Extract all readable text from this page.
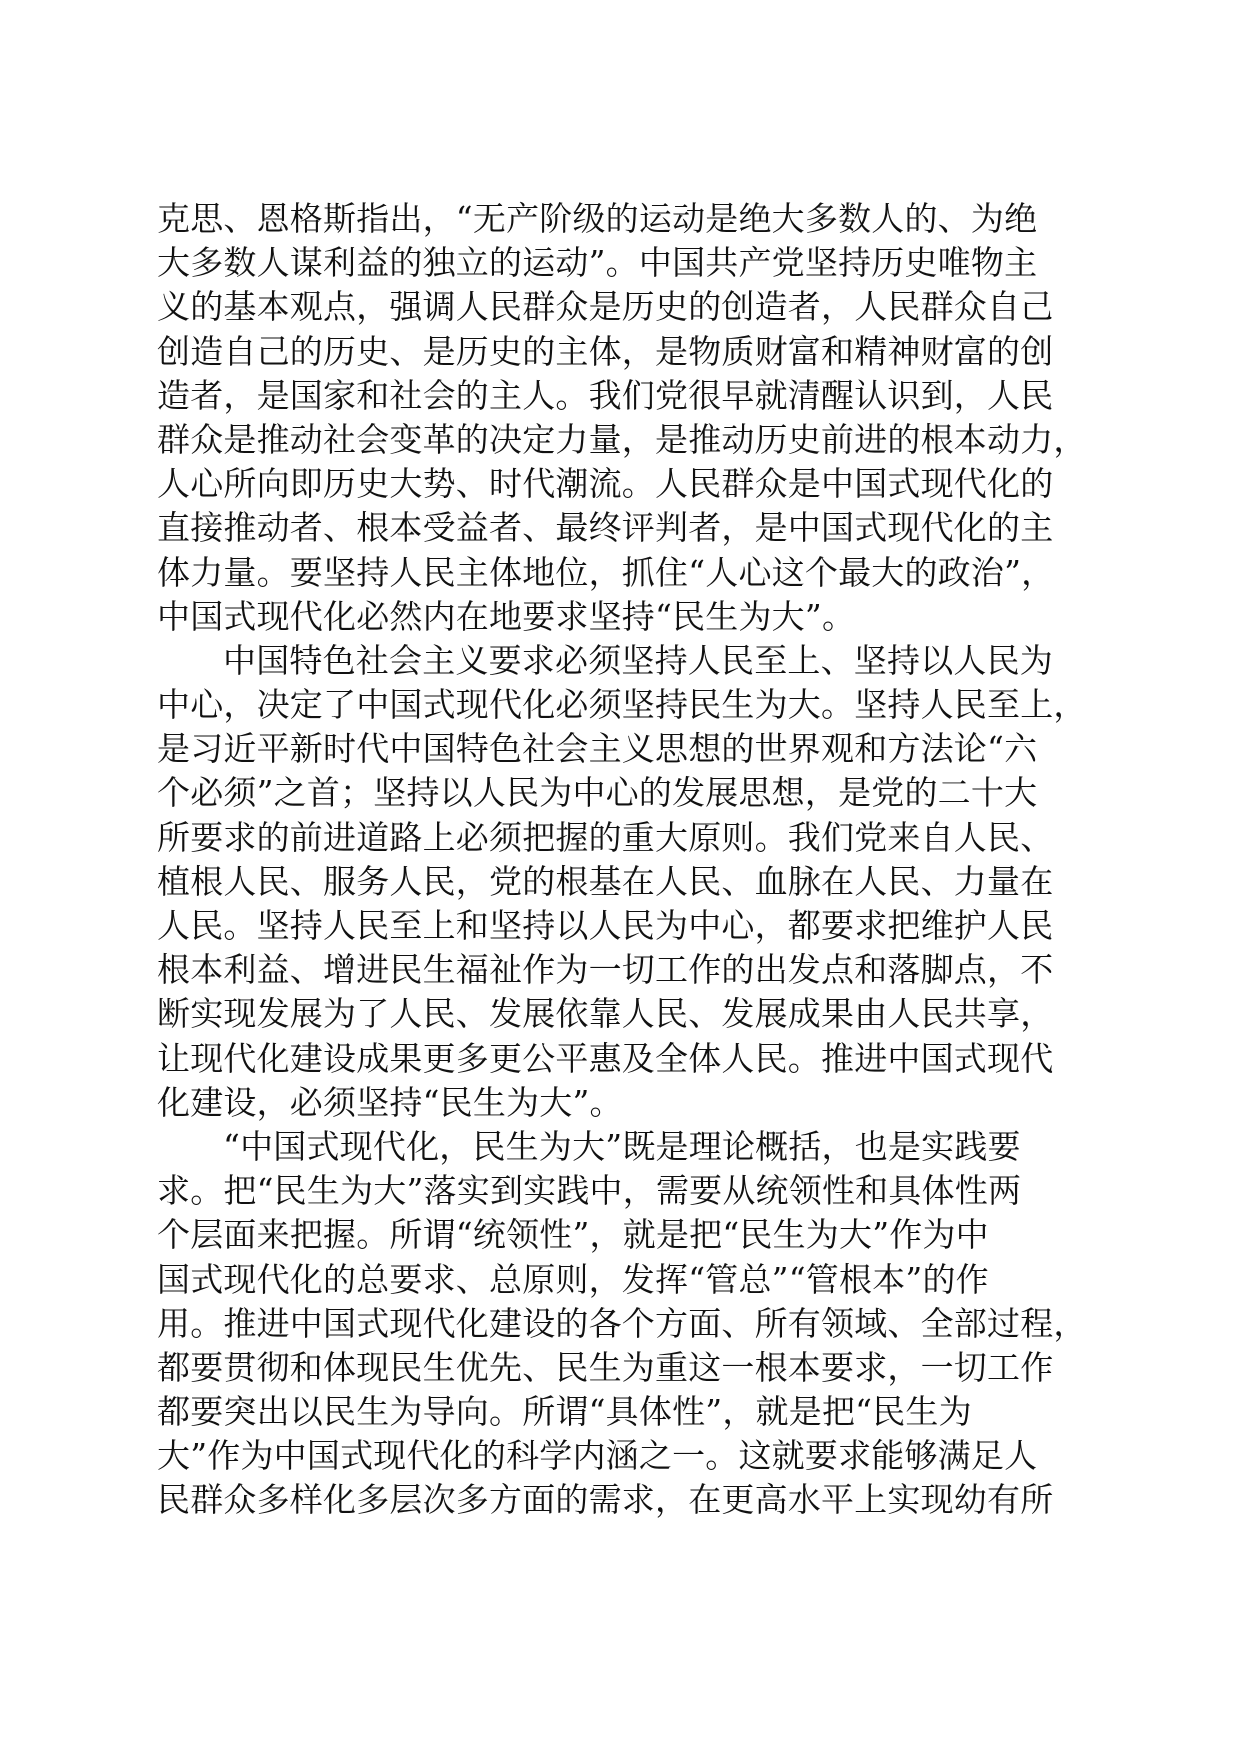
克思、恩格斯指出，“无产阶级的运动是绝大多数人的、为绝
大多数人谋利益的独立的运动”。中国共产党坚持历史唯物主
义的基本观点，强调人民群众是历史的创造者，人民群众自己
创造自己的历史、是历史的主体，是物质财富和精神财富的创
造者，是国家和社会的主人。我们党很早就清醒认识到，人民
群众是推动社会变革的决定力量，是推动历史前进的根本动力，
人心所向即历史大势、时代潮流。人民群众是中国式现代化的
直接推动者、根本受益者、最终评判者，是中国式现代化的主
体力量。要坚持人民主体地位，抓住“人心这个最大的政治”，
中国式现代化必然内在地要求坚持“民生为大”。
中国特色社会主义要求必须坚持人民至上、坚持以人民为
中心，决定了中国式现代化必须坚持民生为大。坚持人民至上，
是习近平新时代中国特色社会主义思想的世界观和方法论“六
个必须”之首；坚持以人民为中心的发展思想，是党的二十大
所要求的前进道路上必须把握的重大原则。我们党来自人民、
植根人民、服务人民，党的根基在人民、血脉在人民、力量在
人民。坚持人民至上和坚持以人民为中心，都要求把维护人民
根本利益、增进民生福祉作为一切工作的出发点和落脚点，不
断实现发展为了人民、发展依靠人民、发展成果由人民共享，
让现代化建设成果更多更公平惠及全体人民。推进中国式现代
化建设，必须坚持“民生为大”。
“中国式现代化，民生为大”既是理论概括，也是实践要
求。把“民生为大”落实到实践中，需要从统领性和具体性两
个层面来把握。所谓“统领性”，就是把“民生为大”作为中
国式现代化的总要求、总原则，发挥“管总”“管根本”的作
用。推进中国式现代化建设的各个方面、所有领域、全部过程，
都要贯彻和体现民生优先、民生为重这一根本要求，一切工作
都要突出以民生为导向。所谓“具体性”，就是把“民生为
大”作为中国式现代化的科学内涵之一。这就要求能够满足人
民群众多样化多层次多方面的需求，在更高水平上实现幼有所
